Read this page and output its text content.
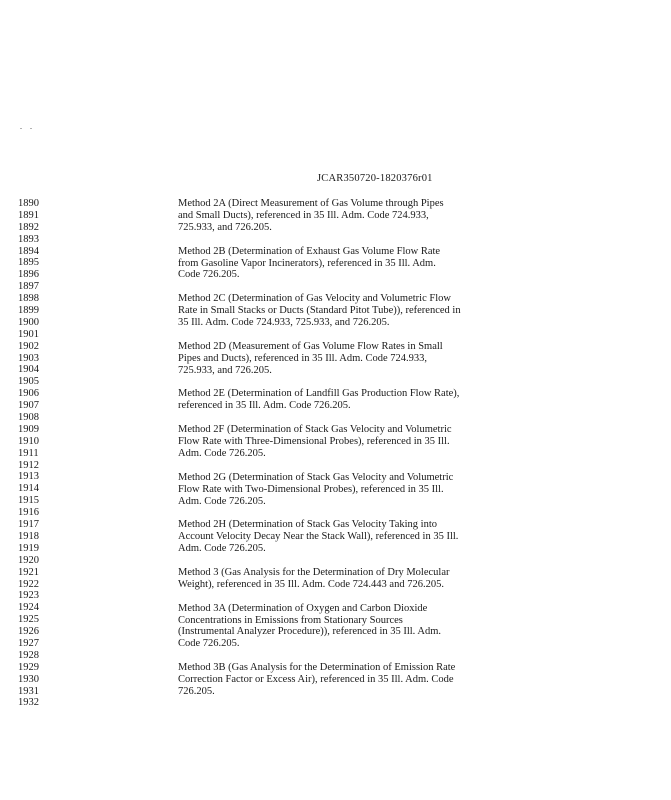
. .
JCAR350720-1820376r01
1890
1891
1892
1893
1894
1895
1896
1897
1898
1899
1900
1901
1902
1903
1904
1905
1906
1907
1908
1909
1910
1911
1912
1913
1914
1915
1916
1917
1918
1919
1920
1921
1922
1923
1924
1925
1926
1927
1928
1929
1930
1931
1932
Method 2A (Direct Measurement of Gas Volume through Pipes
and Small Ducts), referenced in 35 Ill. Adm. Code 724.933,
725.933, and 726.205.
Method 2B (Determination of Exhaust Gas Volume Flow Rate
from Gasoline Vapor Incinerators), referenced in 35 Ill. Adm.
Code 726.205.
Method 2C (Determination of Gas Velocity and Volumetric Flow
Rate in Small Stacks or Ducts (Standard Pitot Tube)), referenced in
35 Ill. Adm. Code 724.933, 725.933, and 726.205.
Method 2D (Measurement of Gas Volume Flow Rates in Small
Pipes and Ducts), referenced in 35 Ill. Adm. Code 724.933,
725.933, and 726.205.
Method 2E (Determination of Landfill Gas Production Flow Rate),
referenced in 35 Ill. Adm. Code 726.205.
Method 2F (Determination of Stack Gas Velocity and Volumetric
Flow Rate with Three-Dimensional Probes), referenced in 35 Ill.
Adm. Code 726.205.
Method 2G (Determination of Stack Gas Velocity and Volumetric
Flow Rate with Two-Dimensional Probes), referenced in 35 Ill.
Adm. Code 726.205.
Method 2H (Determination of Stack Gas Velocity Taking into
Account Velocity Decay Near the Stack Wall), referenced in 35 Ill.
Adm. Code 726.205.
Method 3 (Gas Analysis for the Determination of Dry Molecular
Weight), referenced in 35 Ill. Adm. Code 724.443 and 726.205.
Method 3A (Determination of Oxygen and Carbon Dioxide
Concentrations in Emissions from Stationary Sources
(Instrumental Analyzer Procedure)), referenced in 35 Ill. Adm.
Code 726.205.
Method 3B (Gas Analysis for the Determination of Emission Rate
Correction Factor or Excess Air), referenced in 35 Ill. Adm. Code
726.205.
